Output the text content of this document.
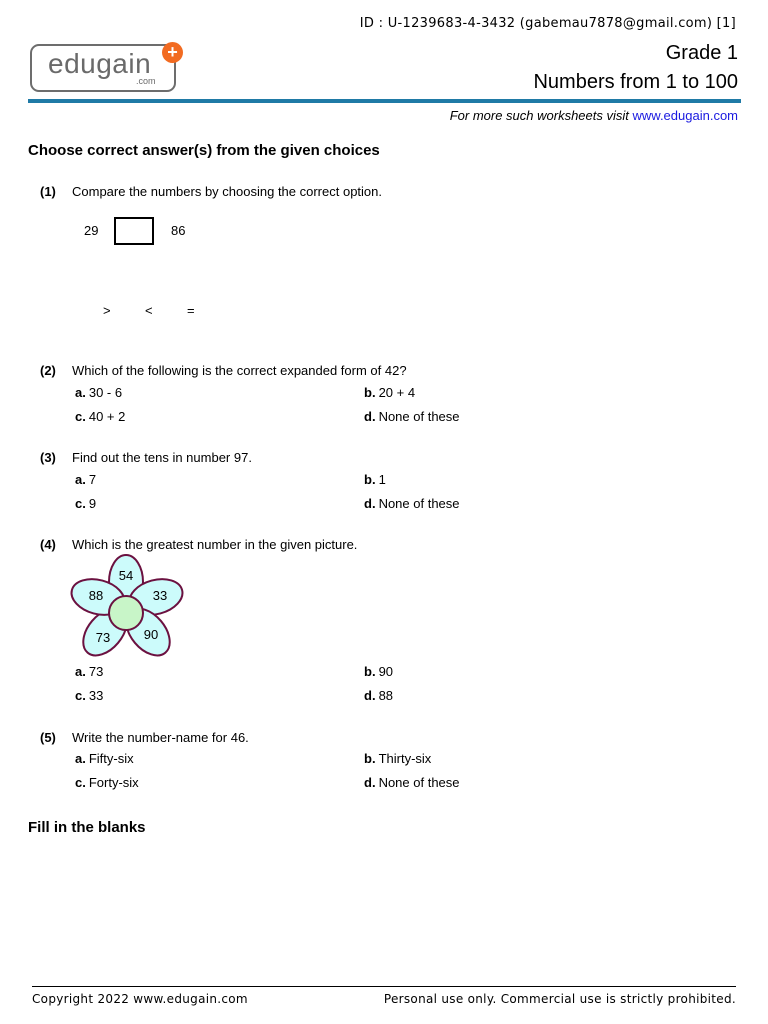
ID : U-1239683-4-3432 (gabemau7878@gmail.com) [1]
edugain
.com
+	Grade 1
Numbers from 1 to 100
For more such worksheets visit www.edugain.com
Choose correct answer(s) from the given choices
(1)	Compare the numbers by choosing the correct option.
29	86
>	<	=
(2)	Which of the following is the correct expanded form of 42?
a. 30 - 6	b. 20 + 4
c. 40 + 2	d. None of these
(3)	Find out the tens in number 97.
a. 7	b. 1
c. 9	d. None of these
(4)	Which is the greatest number in the given picture.
54
33
90
73
88
a. 73	b. 90
c. 33	d. 88
(5)	Write the number-name for 46.
a. Fifty-six	b. Thirty-six
c. Forty-six	d. None of these
Fill in the blanks
Copyright 2022 www.edugain.com	Personal use only. Commercial use is strictly prohibited.
